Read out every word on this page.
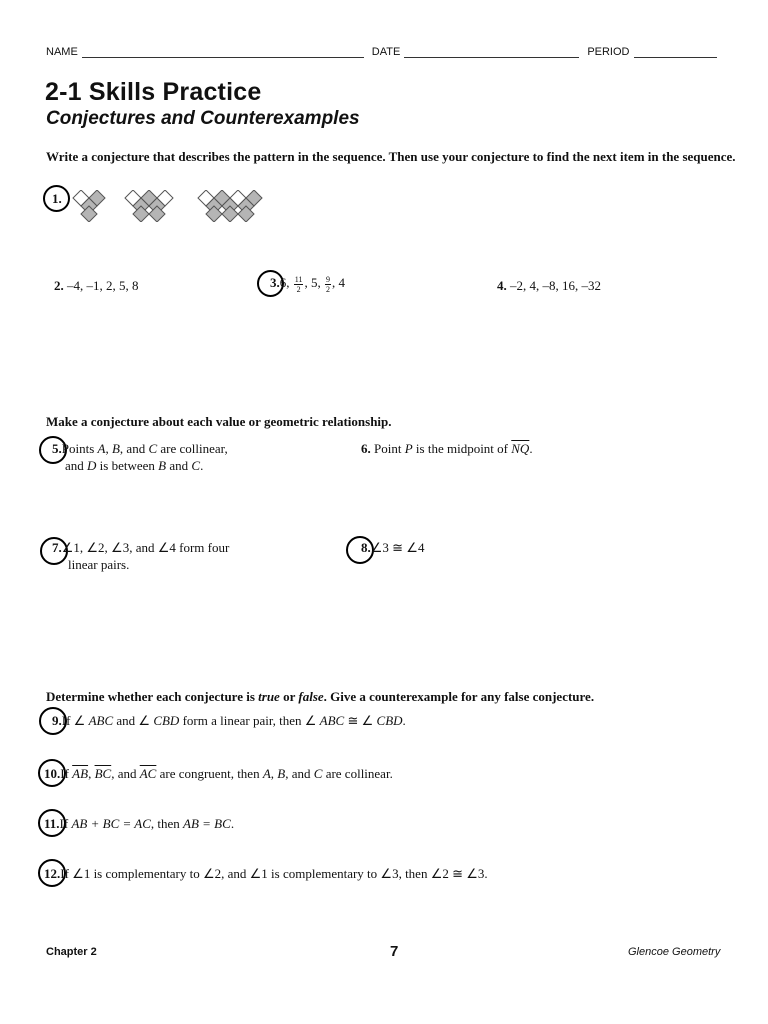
NAME	DATE	PERIOD
2-1 Skills Practice
Conjectures and Counterexamples
Write a conjecture that describes the pattern in the sequence. Then use your conjecture to find the next item in the sequence.
1.
2. –4, –1, 2, 5, 8	3.6, $\frac{11}{2}$ , 5, $\frac{9}{2}$ , 4	4. –2, 4, –8, 16, –32
Make a conjecture about each value or geometric relationship.
5.Points A, B, and C are collinear,
and D is between B and C.
6. Point P is the midpoint of $\overline{NQ}$.
7.∠1, ∠2, ∠3, and ∠4 form four
linear pairs.
8.∠3 ≅ ∠4
Determine whether each conjecture is true or false. Give a counterexample for any false conjecture.
9.If ∠ ABC and ∠ CBD form a linear pair, then ∠ ABC ≅ ∠ CBD.
10.If $\overline{AB}$, $\overline{BC}$, and $\overline{AC}$ are congruent, then A, B, and C are collinear.
11.If AB + BC = AC, then AB = BC.
12.If ∠1 is complementary to ∠2, and ∠1 is complementary to ∠3, then ∠2 ≅ ∠3.
Chapter 2	7	Glencoe Geometry
